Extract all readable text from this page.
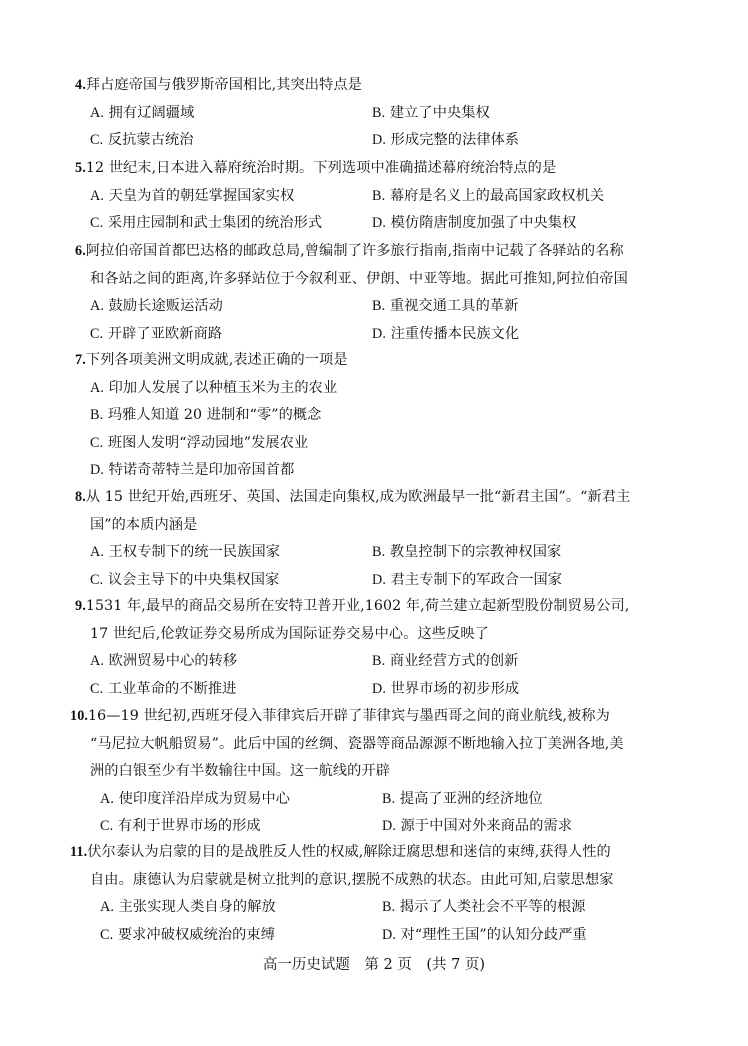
4.拜占庭帝国与俄罗斯帝国相比,其突出特点是
A. 拥有辽阔疆域	B. 建立了中央集权
C. 反抗蒙古统治	D. 形成完整的法律体系
5.12 世纪末,日本进入幕府统治时期。下列选项中准确描述幕府统治特点的是
A. 天皇为首的朝廷掌握国家实权	B. 幕府是名义上的最高国家政权机关
C. 采用庄园制和武士集团的统治形式	D. 模仿隋唐制度加强了中央集权
6.阿拉伯帝国首都巴达格的邮政总局,曾编制了许多旅行指南,指南中记载了各驿站的名称
和各站之间的距离,许多驿站位于今叙利亚、伊朗、中亚等地。据此可推知,阿拉伯帝国
A. 鼓励长途贩运活动	B. 重视交通工具的革新
C. 开辟了亚欧新商路	D. 注重传播本民族文化
7.下列各项美洲文明成就,表述正确的一项是
A. 印加人发展了以种植玉米为主的农业
B. 玛雅人知道 20 进制和“零”的概念
C. 班图人发明“浮动园地”发展农业
D. 特诺奇蒂特兰是印加帝国首都
8.从 15 世纪开始,西班牙、英国、法国走向集权,成为欧洲最早一批“新君主国”。“新君主
国”的本质内涵是
A. 王权专制下的统一民族国家	B. 教皇控制下的宗教神权国家
C. 议会主导下的中央集权国家	D. 君主专制下的军政合一国家
9.1531 年,最早的商品交易所在安特卫普开业,1602 年,荷兰建立起新型股份制贸易公司,
17 世纪后,伦敦证券交易所成为国际证券交易中心。这些反映了
A. 欧洲贸易中心的转移	B. 商业经营方式的创新
C. 工业革命的不断推进	D. 世界市场的初步形成
10.16—19 世纪初,西班牙侵入菲律宾后开辟了菲律宾与墨西哥之间的商业航线,被称为
“马尼拉大帆船贸易”。此后中国的丝绸、瓷器等商品源源不断地输入拉丁美洲各地,美
洲的白银至少有半数输往中国。这一航线的开辟
A. 使印度洋沿岸成为贸易中心	B. 提高了亚洲的经济地位
C. 有利于世界市场的形成	D. 源于中国对外来商品的需求
11.伏尔泰认为启蒙的目的是战胜反人性的权威,解除迂腐思想和迷信的束缚,获得人性的
自由。康德认为启蒙就是树立批判的意识,摆脱不成熟的状态。由此可知,启蒙思想家
A. 主张实现人类自身的解放	B. 揭示了人类社会不平等的根源
C. 要求冲破权威统治的束缚	D. 对“理性王国”的认知分歧严重
高一历史试题　第 2 页　(共 7 页)
